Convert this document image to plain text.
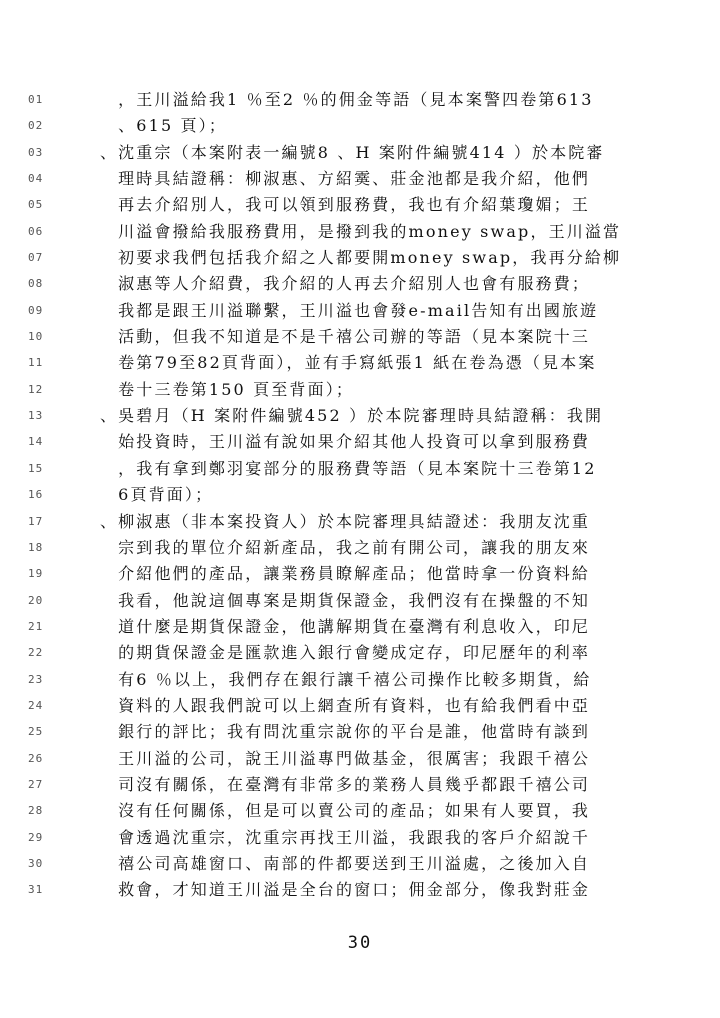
01	　，王川溢給我1 ％至2 ％的佣金等語（見本案警四卷第613
02	　、615 頁）；
03	、沈重宗（本案附表一編號8 、H 案附件編號414 ）於本院審
04	　理時具結證稱：柳淑惠、方紹霙、莊金池都是我介紹，他們
05	　再去介紹別人，我可以領到服務費，我也有介紹葉瓊媚；王
06	　川溢會撥給我服務費用，是撥到我的money swap，王川溢當
07	　初要求我們包括我介紹之人都要開money swap，我再分給柳
08	　淑惠等人介紹費，我介紹的人再去介紹別人也會有服務費；
09	　我都是跟王川溢聯繫，王川溢也會發e-mail告知有出國旅遊
10	　活動，但我不知道是不是千禧公司辦的等語（見本案院十三
11	　卷第79至82頁背面），並有手寫紙張1 紙在卷為憑（見本案
12	　卷十三卷第150 頁至背面）；
13	、吳碧月（H 案附件編號452 ）於本院審理時具結證稱：我開
14	　始投資時，王川溢有說如果介紹其他人投資可以拿到服務費
15	　，我有拿到鄭羽宴部分的服務費等語（見本案院十三卷第12
16	　6頁背面）；
17	、柳淑惠（非本案投資人）於本院審理具結證述：我朋友沈重
18	　宗到我的單位介紹新產品，我之前有開公司，讓我的朋友來
19	　介紹他們的產品，讓業務員瞭解產品；他當時拿一份資料給
20	　我看，他說這個專案是期貨保證金，我們沒有在操盤的不知
21	　道什麼是期貨保證金，他講解期貨在臺灣有利息收入，印尼
22	　的期貨保證金是匯款進入銀行會變成定存，印尼歷年的利率
23	　有6 ％以上，我們存在銀行讓千禧公司操作比較多期貨，給
24	　資料的人跟我們說可以上網查所有資料，也有給我們看中亞
25	　銀行的評比；我有問沈重宗說你的平台是誰，他當時有談到
26	　王川溢的公司，說王川溢專門做基金，很厲害；我跟千禧公
27	　司沒有關係，在臺灣有非常多的業務人員幾乎都跟千禧公司
28	　沒有任何關係，但是可以賣公司的產品；如果有人要買，我
29	　會透過沈重宗，沈重宗再找王川溢，我跟我的客戶介紹說千
30	　禧公司高雄窗口、南部的件都要送到王川溢處，之後加入自
31	　救會，才知道王川溢是全台的窗口；佣金部分，像我對莊金
30
